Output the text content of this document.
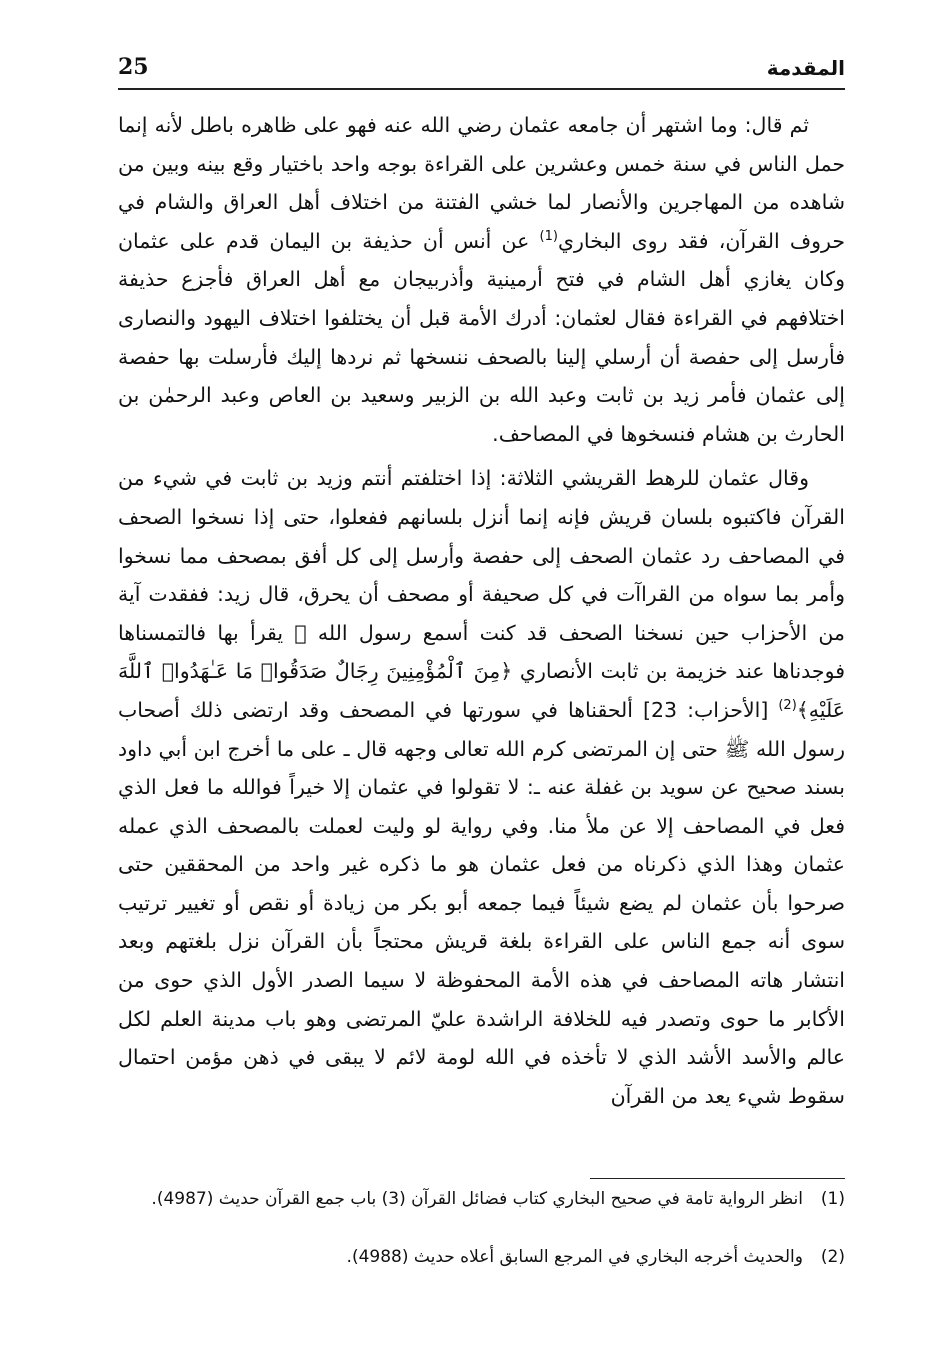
25	المقدمة

ثم قال: وما اشتهر أن جامعه عثمان رضي الله عنه فهو على ظاهره باطل لأنه إنما حمل الناس في سنة خمس وعشرين على القراءة بوجه واحد باختيار وقع بينه وبين من شاهده من المهاجرين والأنصار لما خشي الفتنة من اختلاف أهل العراق والشام في حروف القرآن، فقد روى البخاري$^{(1)}$ عن أنس أن حذيفة بن اليمان قدم على عثمان وكان يغازي أهل الشام في فتح أرمينية وأذربيجان مع أهل العراق فأجزع حذيفة اختلافهم في القراءة فقال لعثمان: أدرك الأمة قبل أن يختلفوا اختلاف اليهود والنصارى فأرسل إلى حفصة أن أرسلي إلينا بالصحف ننسخها ثم نردها إليك فأرسلت بها حفصة إلى عثمان فأمر زيد بن ثابت وعبد الله بن الزبير وسعيد بن العاص وعبد الرحمٰن بن الحارث بن هشام فنسخوها في المصاحف.

وقال عثمان للرهط القريشي الثلاثة: إذا اختلفتم أنتم وزيد بن ثابت في شيء من القرآن فاكتبوه بلسان قريش فإنه إنما أنزل بلسانهم ففعلوا، حتى إذا نسخوا الصحف في المصاحف رد عثمان الصحف إلى حفصة وأرسل إلى كل أفق بمصحف مما نسخوا وأمر بما سواه من القراآت في كل صحيفة أو مصحف أن يحرق، قال زيد: ففقدت آية من الأحزاب حين نسخنا الصحف قد كنت أسمع رسول الله ﷺ يقرأ بها فالتمسناها فوجدناها عند خزيمة بن ثابت الأنصاري ﴿مِنَ ٱلْمُؤْمِنِينَ رِجَالٌ صَدَقُوا۟ مَا عَـٰهَدُوا۟ ٱللَّهَ عَلَيْهِ﴾$^{(2)}$ [الأحزاب: 23] ألحقناها في سورتها في المصحف وقد ارتضى ذلك أصحاب رسول الله ﷺ حتى إن المرتضى كرم الله تعالى وجهه قال ـ على ما أخرج ابن أبي داود بسند صحيح عن سويد بن غفلة عنه ـ: لا تقولوا في عثمان إلا خيراً فوالله ما فعل الذي فعل في المصاحف إلا عن ملأ منا. وفي رواية لو وليت لعملت بالمصحف الذي عمله عثمان وهذا الذي ذكرناه من فعل عثمان هو ما ذكره غير واحد من المحققين حتى صرحوا بأن عثمان لم يضع شيئاً فيما جمعه أبو بكر من زيادة أو نقص أو تغيير ترتيب سوى أنه جمع الناس على القراءة بلغة قريش محتجاً بأن القرآن نزل بلغتهم وبعد انتشار هاته المصاحف في هذه الأمة المحفوظة لا سيما الصدر الأول الذي حوى من الأكابر ما حوى وتصدر فيه للخلافة الراشدة عليّ المرتضى وهو باب مدينة العلم لكل عالم والأسد الأشد الذي لا تأخذه في الله لومة لائم لا يبقى في ذهن مؤمن احتمال سقوط شيء يعد من القرآن

(1)
انظر الرواية تامة في صحيح البخاري كتاب فضائل القرآن (3) باب جمع القرآن حديث (4987).
(2)
والحديث أخرجه البخاري في المرجع السابق أعلاه حديث (4988).
